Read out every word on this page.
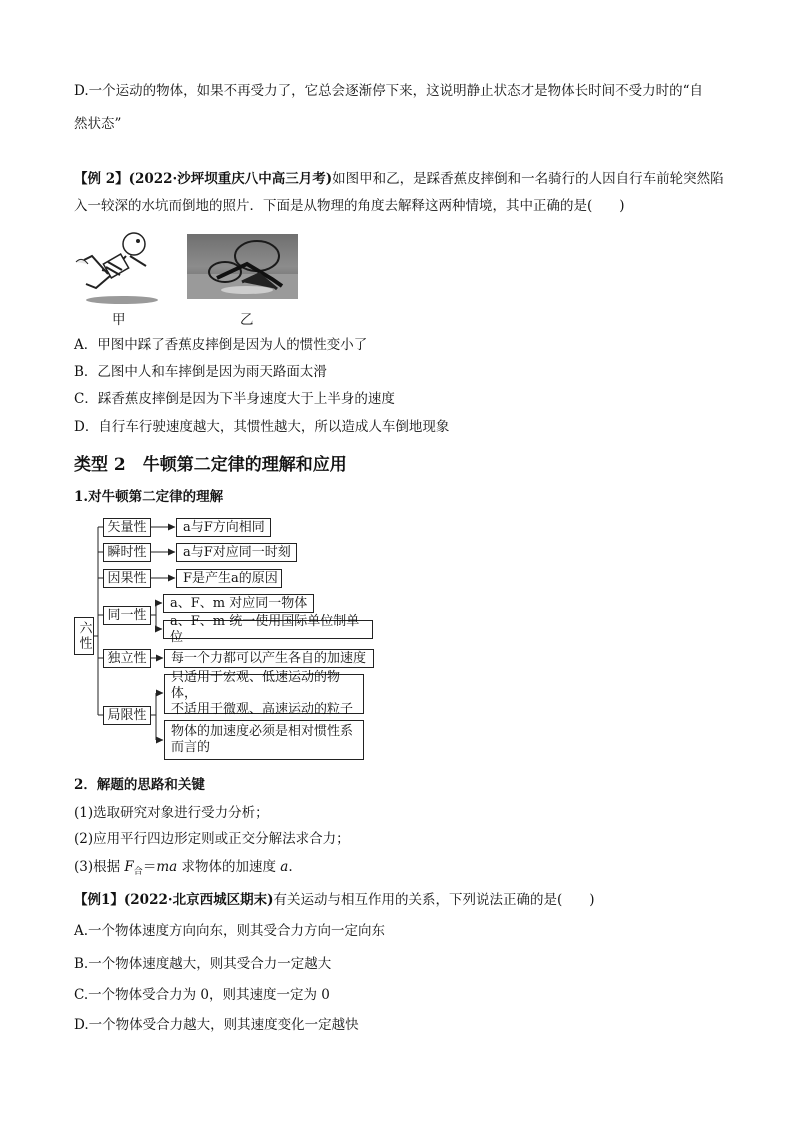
D.一个运动的物体，如果不再受力了，它总会逐渐停下来，这说明静止状态才是物体长时间不受力时的“自
然状态”
【例 2】(2022·沙坪坝重庆八中高三月考)如图甲和乙，是踩香蕉皮摔倒和一名骑行的人因自行车前轮突然陷
入一较深的水坑而倒地的照片．下面是从物理的角度去解释这两种情境，其中正确的是(　　)
甲	乙
A．甲图中踩了香蕉皮摔倒是因为人的惯性变小了
B．乙图中人和车摔倒是因为雨天路面太滑
C．踩香蕉皮摔倒是因为下半身速度大于上半身的速度
D．自行车行驶速度越大，其惯性越大，所以造成人车倒地现象
类型 2　牛顿第二定律的理解和应用
1.对牛顿第二定律的理解
六性
矢量性
瞬时性
因果性
同一性
独立性
局限性
a与F方向相同
a与F对应同一时刻
F是产生a的原因
a、F、m 对应同一物体
a、F、m 统一使用国际单位制单位
每一个力都可以产生各自的加速度
只适用于宏观、低速运动的物体，
不适用于微观、高速运动的粒子
物体的加速度必须是相对惯性系
而言的
2．解题的思路和关键
(1)选取研究对象进行受力分析；
(2)应用平行四边形定则或正交分解法求合力；
(3)根据 $F_合=ma$ 求物体的加速度 a.
【例1】(2022·北京西城区期末)有关运动与相互作用的关系，下列说法正确的是(　　)
A.一个物体速度方向向东，则其受合力方向一定向东
B.一个物体速度越大，则其受合力一定越大
C.一个物体受合力为 0，则其速度一定为 0
D.一个物体受合力越大，则其速度变化一定越快
